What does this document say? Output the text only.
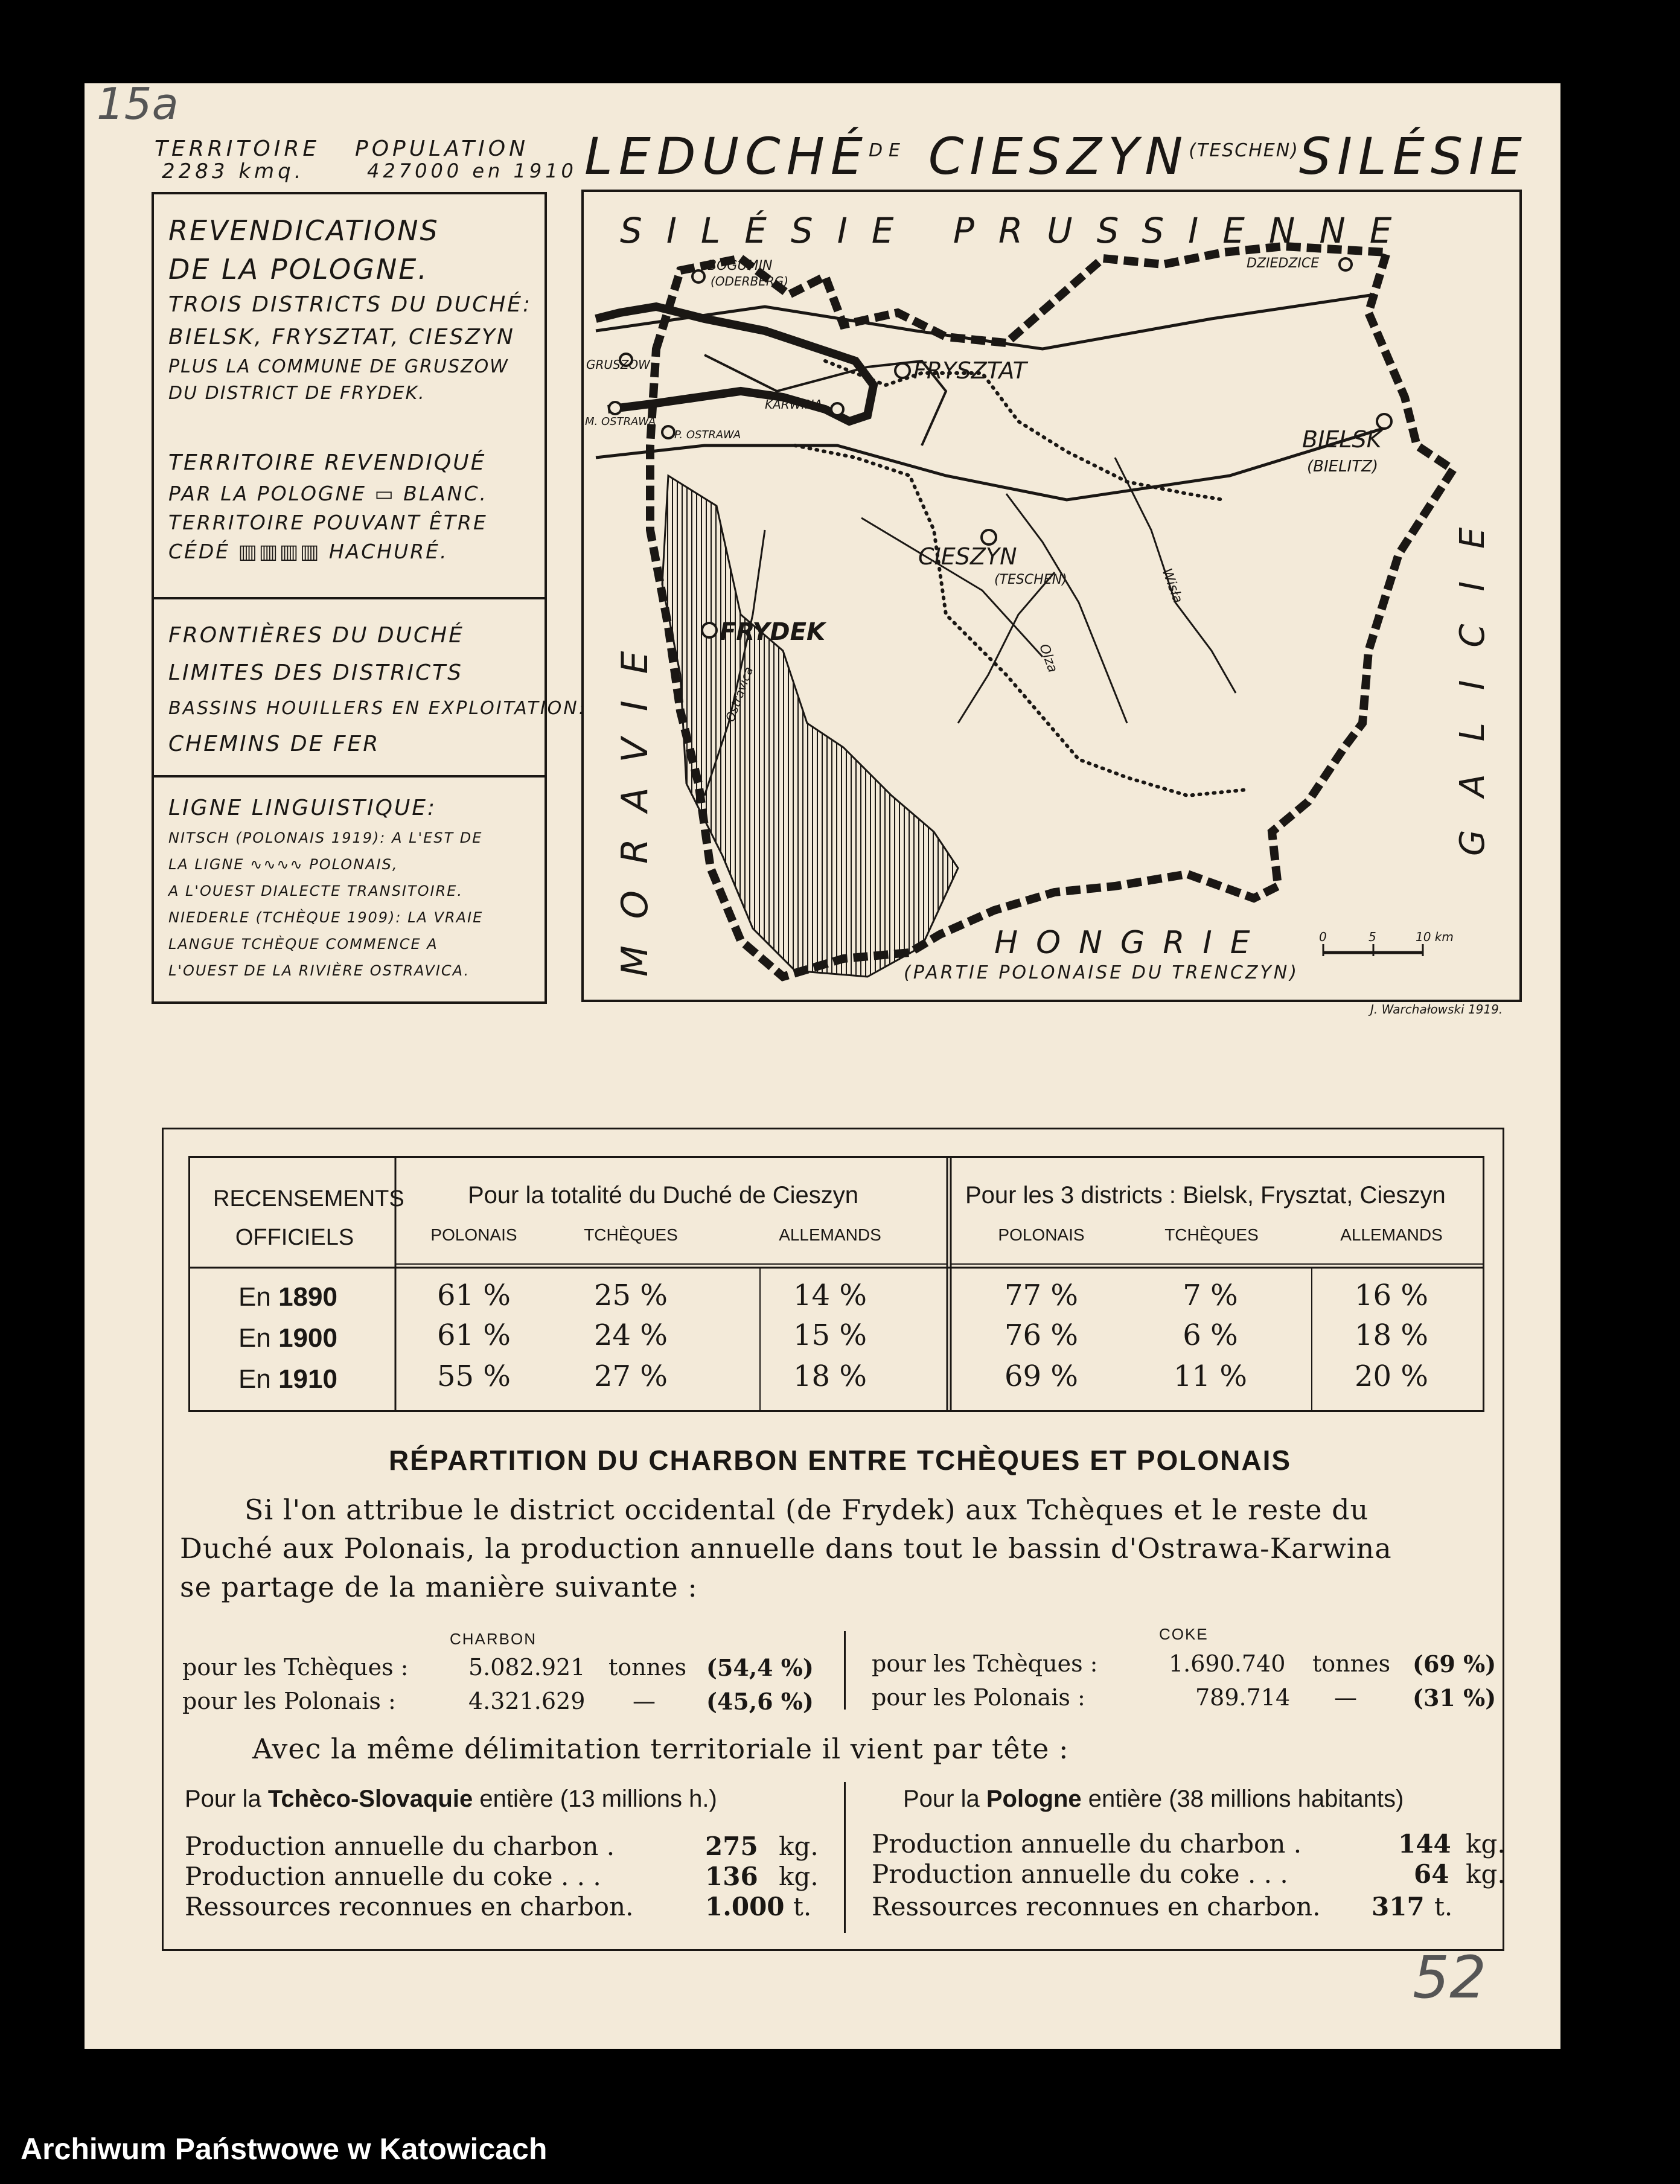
15a
52
TERRITOIRE
2283 kmq.
POPULATION
427000 en 1910 $LEDUCHÉ^{DE}$ $CIESZYN^{(TESCHEN)}SILÉSIE$
REVENDICATIONS
DE LA POLOGNE.
TROIS DISTRICTS DU DUCHÉ:
BIELSK, FRYSZTAT, CIESZYN
PLUS LA COMMUNE DE GRUSZOW
DU DISTRICT DE FRYDEK.
TERRITOIRE REVENDIQUÉ
PAR LA POLOGNE ▭ BLANC.
TERRITOIRE POUVANT ÊTRE
CÉDÉ ▥▥▥▥ HACHURÉ.
FRONTIÈRES DU DUCHÉ
LIMITES DES DISTRICTS
BASSINS HOUILLERS EN EXPLOITATION:
CHEMINS DE FER
LIGNE LINGUISTIQUE:
NITSCH (POLONAIS 1919): A L'EST DE
LA LIGNE ∿∿∿∿ POLONAIS,
A L'OUEST DIALECTE TRANSITOIRE.
NIEDERLE (TCHÈQUE 1909): LA VRAIE
LANGUE TCHÈQUE COMMENCE A
L'OUEST DE LA RIVIÈRE OSTRAVICA.
SILÉSIE PRUSSIENNE
MORAVIE	GALICIE
HONGRIE
(PARTIE POLONAISE DU TRENCZYN)
0	5	10 km
BOGUMIN
(ODERBERG)
DZIEDZICE
GRUSZOW
M. OSTRAWA
P. OSTRAWA
KARWINA
FRYSZTAT
BIELSK
(BIELITZ)
CIESZYN
(TESCHEN)
FRYDEK
Olza
Wisła
Ostravica
J. Warchałowski 1919.
RECENSEMENTS
OFFICIELS
Pour la totalité du Duché de Cieszyn	Pour les 3 districts : Bielsk, Frysztat, Cieszyn
POLONAIS	TCHÈQUES	ALLEMANDS	POLONAIS	TCHÈQUES	ALLEMANDS
En 1890	61 %	25 %	14 %	77 %	7 %	16 %
En 1900	61 %	24 %	15 %	76 %	6 %	18 %
En 1910	55 %	27 %	18 %	69 %	11 %	20 %
RÉPARTITION DU CHARBON ENTRE TCHÈQUES ET POLONAIS
Si l'on attribue le district occidental (de Frydek) aux Tchèques et le reste du
Duché aux Polonais, la production annuelle dans tout le bassin d'Ostrawa-Karwina
se partage de la manière suivante :
CHARBON	COKE
pour les Tchèques :	5.082.921 tonnes (54,4 %)
pour les Polonais :	4.321.629 — (45,6 %)
pour les Tchèques :	1.690.740 tonnes (69 %)
pour les Polonais :	789.714 — (31 %)
Avec la même délimitation territoriale il vient par tête :
Pour la Tchèco-Slovaquie entière (13 millions h.)	Pour la Pologne entière (38 millions habitants)
Production annuelle du charbon .	275 kg.
Production annuelle du coke . . .	136 kg.
Ressources reconnues en charbon.	1.000 t.
Production annuelle du charbon .	144 kg.
Production annuelle du coke . . .	64 kg.
Ressources reconnues en charbon. 317 t.
Archiwum Państwowe w Katowicach
